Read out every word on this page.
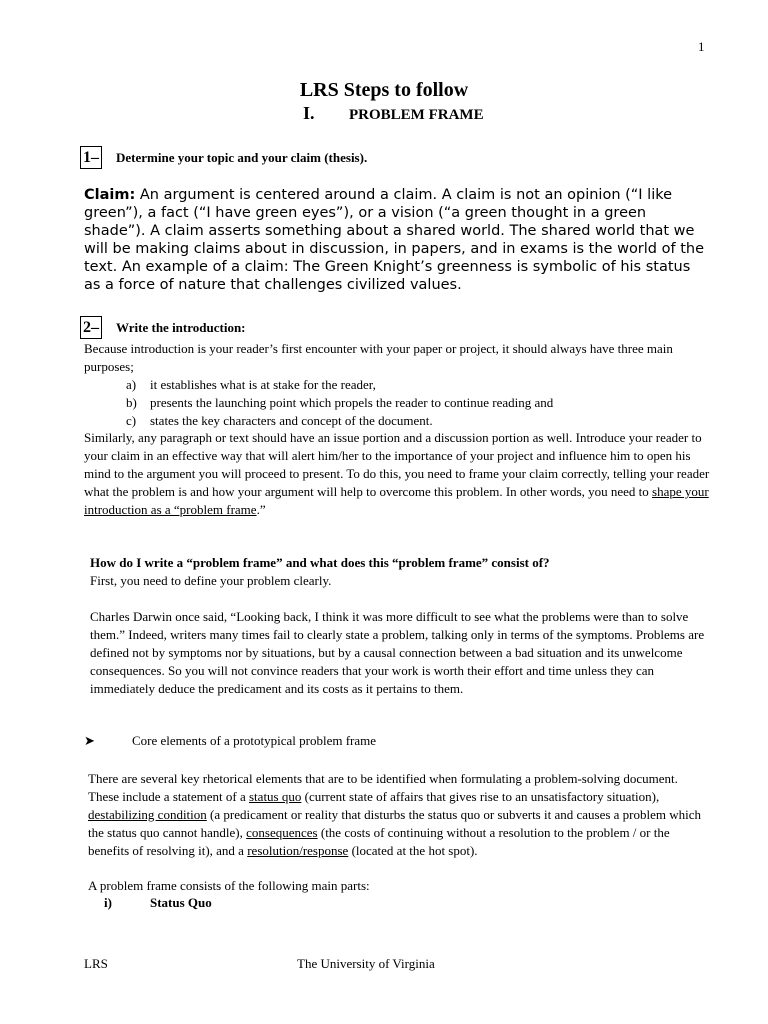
1
LRS Steps to follow
I. PROBLEM FRAME
1– Determine your topic and your claim (thesis).
Claim: An argument is centered around a claim. A claim is not an opinion (“I like green”), a fact (“I have green eyes”), or a vision (“a green thought in a green shade”). A claim asserts something about a shared world. The shared world that we will be making claims about in discussion, in papers, and in exams is the world of the text. An example of a claim: The Green Knight’s greenness is symbolic of his status as a force of nature that challenges civilized values.
2– Write the introduction:
Because introduction is your reader’s first encounter with your paper or project, it should always have three main purposes;
a) it establishes what is at stake for the reader,
b) presents the launching point which propels the reader to continue reading and
c) states the key characters and concept of the document.
Similarly, any paragraph or text should have an issue portion and a discussion portion as well. Introduce your reader to your claim in an effective way that will alert him/her to the importance of your project and influence him to open his mind to the argument you will proceed to present. To do this, you need to frame your claim correctly, telling your reader what the problem is and how your argument will help to overcome this problem. In other words, you need to shape your introduction as a “problem frame.”
How do I write a “problem frame” and what does this “problem frame” consist of?
First, you need to define your problem clearly.
Charles Darwin once said, “Looking back, I think it was more difficult to see what the problems were than to solve them.” Indeed, writers many times fail to clearly state a problem, talking only in terms of the symptoms. Problems are defined not by symptoms nor by situations, but by a causal connection between a bad situation and its unwelcome consequences. So you will not convince readers that your work is worth their effort and time unless they can immediately deduce the predicament and its costs as it pertains to them.
➤	Core elements of a prototypical problem frame
There are several key rhetorical elements that are to be identified when formulating a problem-solving document. These include a statement of a status quo (current state of affairs that gives rise to an unsatisfactory situation), destabilizing condition (a predicament or reality that disturbs the status quo or subverts it and causes a problem which the status quo cannot handle), consequences (the costs of continuing without a resolution to the problem / or the benefits of resolving it), and a resolution/response (located at the hot spot).
A problem frame consists of the following main parts:
i)	Status Quo
LRS	The University of Virginia
